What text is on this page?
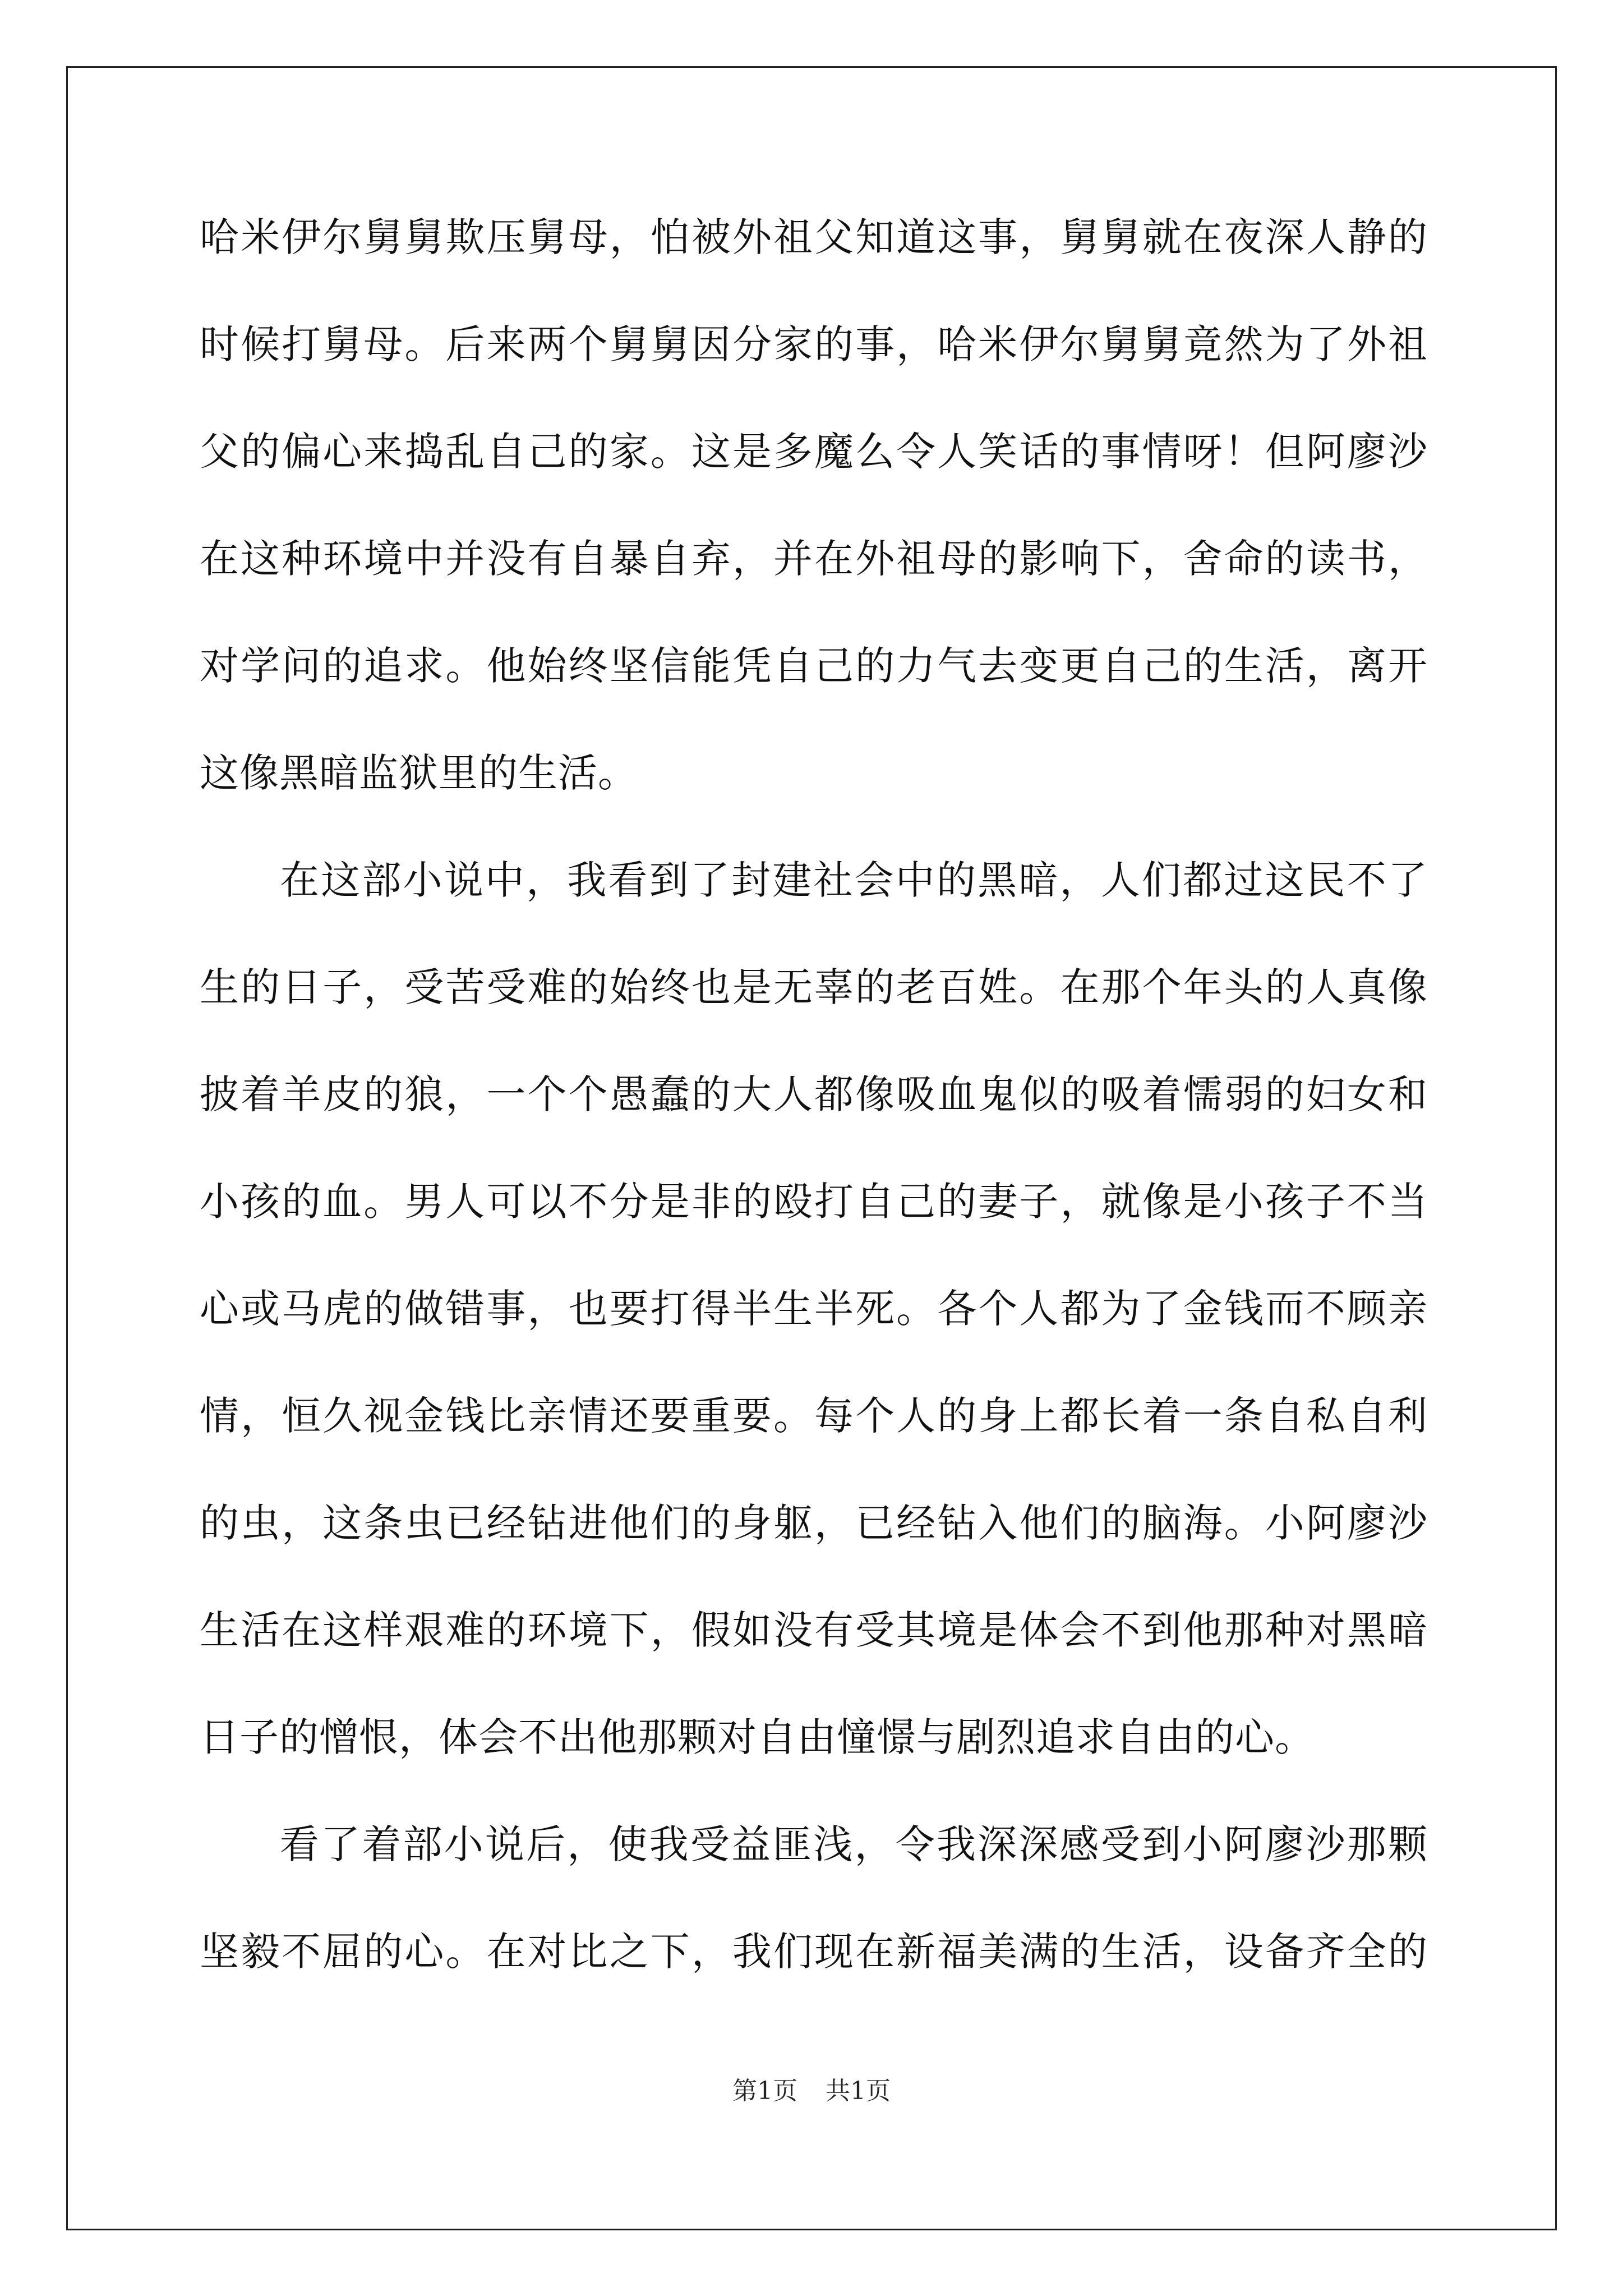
哈米伊尔舅舅欺压舅母，怕被外祖父知道这事，舅舅就在夜深人静的
时候打舅母。后来两个舅舅因分家的事，哈米伊尔舅舅竟然为了外祖
父的偏心来捣乱自己的家。这是多魔么令人笑话的事情呀！但阿廖沙
在这种环境中并没有自暴自弃，并在外祖母的影响下，舍命的读书，
对学问的追求。他始终坚信能凭自己的力气去变更自己的生活，离开
这像黑暗监狱里的生活。
在这部小说中，我看到了封建社会中的黑暗，人们都过这民不了
生的日子，受苦受难的始终也是无辜的老百姓。在那个年头的人真像
披着羊皮的狼，一个个愚蠢的大人都像吸血鬼似的吸着懦弱的妇女和
小孩的血。男人可以不分是非的殴打自己的妻子，就像是小孩子不当
心或马虎的做错事，也要打得半生半死。各个人都为了金钱而不顾亲
情，恒久视金钱比亲情还要重要。每个人的身上都长着一条自私自利
的虫，这条虫已经钻进他们的身躯，已经钻入他们的脑海。小阿廖沙
生活在这样艰难的环境下，假如没有受其境是体会不到他那种对黑暗
日子的憎恨，体会不出他那颗对自由憧憬与剧烈追求自由的心。
看了着部小说后，使我受益匪浅，令我深深感受到小阿廖沙那颗
坚毅不屈的心。在对比之下，我们现在新福美满的生活，设备齐全的
第1页 共1页
